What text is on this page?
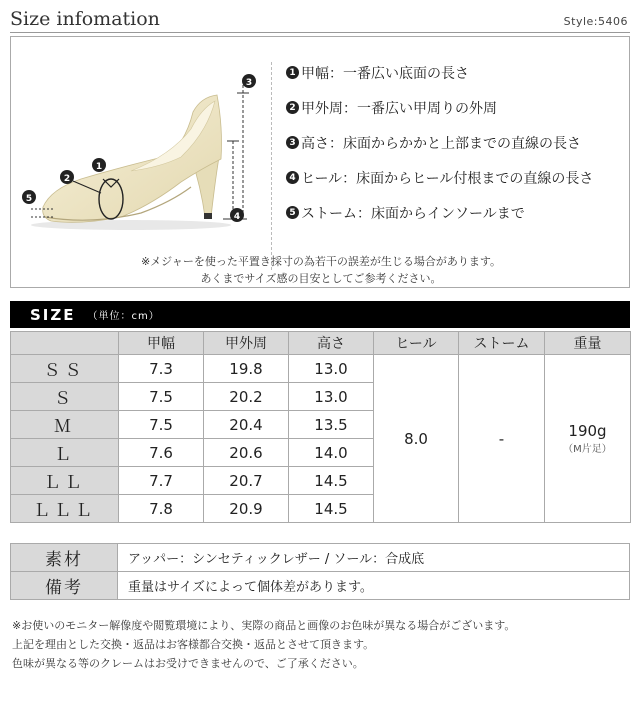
Size infomation	Style:5406
3
4
1
2
5
1 甲幅：一番広い底面の長さ
2 甲外周：一番広い甲周りの外周
3 高さ：床面からかかと上部までの直線の長さ
4 ヒール：床面からヒール付根までの直線の長さ
5 ストーム：床面からインソールまで
※メジャーを使った平置き採寸の為若干の誤差が生じる場合があります。
あくまでサイズ感の目安としてご参考ください。
SIZE （単位：cm）
	甲幅	甲外周	高さ	ヒール	ストーム	重量
ＳＳ	7.3	19.8	13.0	8.0	-	190g
（M片足）

Ｓ	7.5	20.2	13.0			
Ｍ	7.5	20.4	13.5			
Ｌ	7.6	20.6	14.0			
ＬＬ	7.7	20.7	14.5			
ＬＬＬ	7.8	20.9	14.5			
素材	アッパー：シンセティックレザー / ソール：合成底
備考	重量はサイズによって個体差があります。
※お使いのモニター解像度や閲覧環境により、実際の商品と画像のお色味が異なる場合がございます。
上記を理由とした交換・返品はお客様都合交換・返品とさせて頂きます。
色味が異なる等のクレームはお受けできませんので、ご了承ください。
